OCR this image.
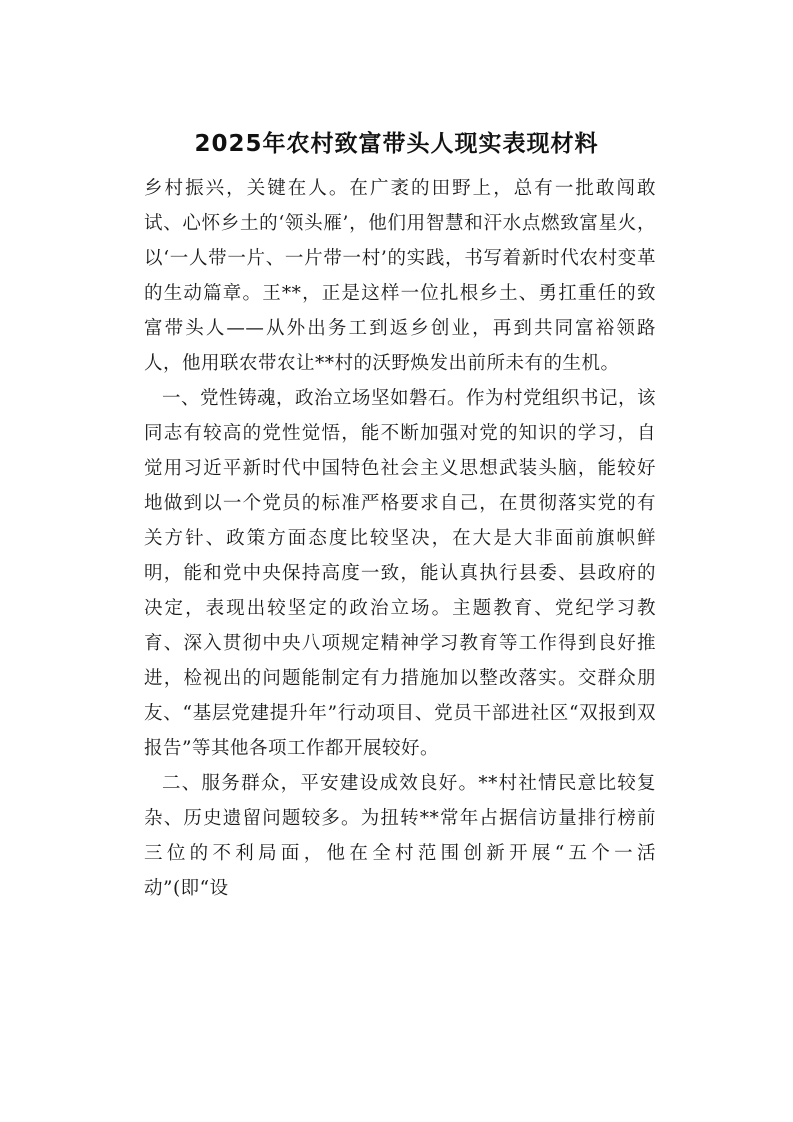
2025年农村致富带头人现实表现材料

乡村振兴，关键在人。在广袤的田野上，总有一批敢闯敢试、心怀乡土的‘领头雁’，他们用智慧和汗水点燃致富星火，以‘一人带一片、一片带一村’的实践，书写着新时代农村变革的生动篇章。王**，正是这样一位扎根乡土、勇扛重任的致富带头人——从外出务工到返乡创业，再到共同富裕领路人，他用联农带农让**村的沃野焕发出前所未有的生机。

一、党性铸魂，政治立场坚如磐石。作为村党组织书记，该同志有较高的党性觉悟，能不断加强对党的知识的学习，自觉用习近平新时代中国特色社会主义思想武装头脑，能较好地做到以一个党员的标准严格要求自己，在贯彻落实党的有关方针、政策方面态度比较坚决，在大是大非面前旗帜鲜明，能和党中央保持高度一致，能认真执行县委、县政府的决定，表现出较坚定的政治立场。主题教育、党纪学习教育、深入贯彻中央八项规定精神学习教育等工作得到良好推进，检视出的问题能制定有力措施加以整改落实。交群众朋友、“基层党建提升年”行动项目、党员干部进社区“双报到双报告”等其他各项工作都开展较好。

二、服务群众，平安建设成效良好。**村社情民意比较复杂、历史遗留问题较多。为扭转**常年占据信访量排行榜前三位的不利局面，他在全村范围创新开展“五个一活动”(即“设
